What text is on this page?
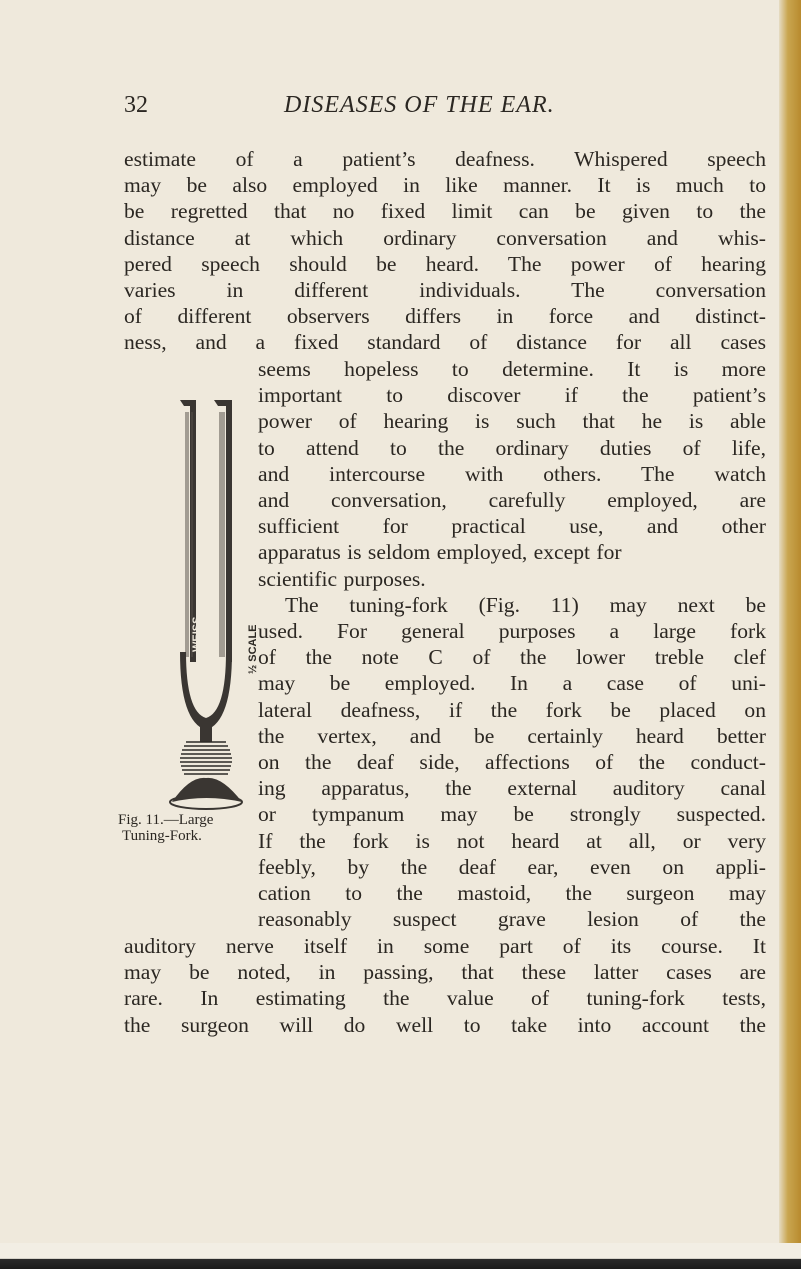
32	DISEASES OF THE EAR.
estimate of a patient’s deafness. Whispered speech
may be also employed in like manner. It is much to
be regretted that no fixed limit can be given to the
distance at which ordinary conversation and whis-
pered speech should be heard. The power of hearing
varies in different individuals. The conversation
of different observers differs in force and distinct-
ness, and a fixed standard of distance for all cases
seems hopeless to determine. It is more
important to discover if the patient’s
power of hearing is such that he is able
to attend to the ordinary duties of life,
and intercourse with others. The watch
and conversation, carefully employed, are
sufficient for practical use, and other
apparatus is seldom employed, except for
scientific purposes.
The tuning-fork (Fig. 11) may next be
used. For general purposes a large fork
of the note C of the lower treble clef
may be employed. In a case of uni-
lateral deafness, if the fork be placed on
the vertex, and be certainly heard better
on the deaf side, affections of the conduct-
ing apparatus, the external auditory canal
or tympanum may be strongly suspected.
If the fork is not heard at all, or very
feebly, by the deaf ear, even on appli-
cation to the mastoid, the surgeon may
reasonably suspect grave lesion of the
auditory nerve itself in some part of its course. It
may be noted, in passing, that these latter cases are
rare. In estimating the value of tuning-fork tests,
the surgeon will do well to take into account the
WEISS	½ SCALE
Fig. 11.—Large
Tuning-Fork.
